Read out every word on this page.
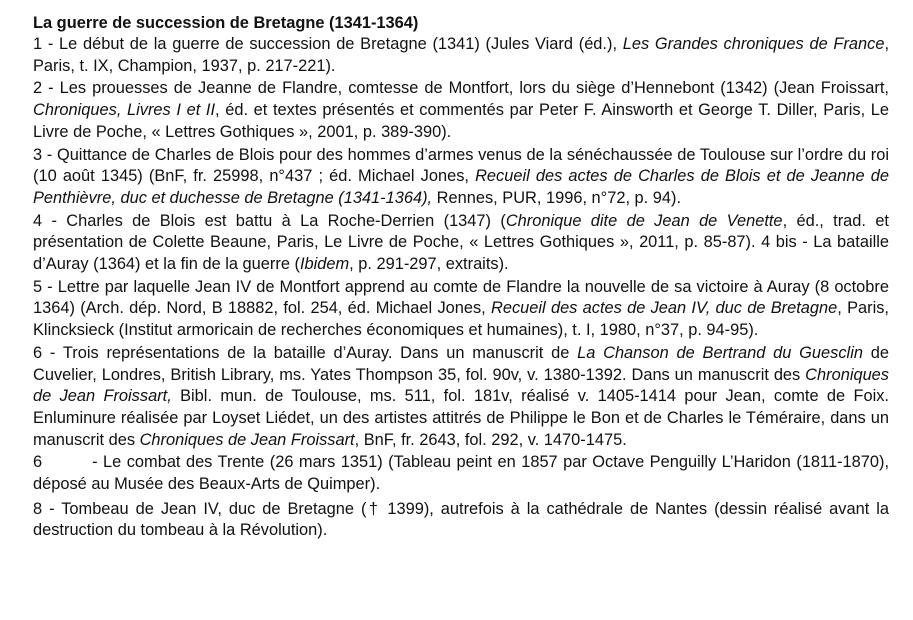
La guerre de succession de Bretagne (1341-1364)

1 - Le début de la guerre de succession de Bretagne (1341) (Jules Viard (éd.), Les Grandes chroniques de France, Paris, t. IX, Champion, 1937, p. 217-221).

2 - Les prouesses de Jeanne de Flandre, comtesse de Montfort, lors du siège d’Hennebont (1342) (Jean Froissart, Chroniques, Livres I et II, éd. et textes présentés et commentés par Peter F. Ainsworth et George T. Diller, Paris, Le Livre de Poche, « Lettres Gothiques », 2001, p. 389-390).

3 - Quittance de Charles de Blois pour des hommes d’armes venus de la sénéchaussée de Toulouse sur l’ordre du roi (10 août 1345) (BnF, fr. 25998, n°437 ; éd. Michael Jones, Recueil des actes de Charles de Blois et de Jeanne de Penthièvre, duc et duchesse de Bretagne (1341-1364), Rennes, PUR, 1996, n°72, p. 94).

4 - Charles de Blois est battu à La Roche-Derrien (1347) (Chronique dite de Jean de Venette, éd., trad. et présentation de Colette Beaune, Paris, Le Livre de Poche, « Lettres Gothiques », 2011, p. 85-87). 4 bis - La bataille d’Auray (1364) et la fin de la guerre (Ibidem, p. 291-297, extraits).

5 - Lettre par laquelle Jean IV de Montfort apprend au comte de Flandre la nouvelle de sa victoire à Auray (8 octobre 1364) (Arch. dép. Nord, B 18882, fol. 254, éd. Michael Jones, Recueil des actes de Jean IV, duc de Bretagne, Paris, Klincksieck (Institut armoricain de recherches économiques et humaines), t. I, 1980, n°37, p. 94-95).

6 - Trois représentations de la bataille d’Auray. Dans un manuscrit de La Chanson de Bertrand du Guesclin de Cuvelier, Londres, British Library, ms. Yates Thompson 35, fol. 90v, v. 1380-1392. Dans un manuscrit des Chroniques de Jean Froissart, Bibl. mun. de Toulouse, ms. 511, fol. 181v, réalisé v. 1405-1414 pour Jean, comte de Foix. Enluminure réalisée par Loyset Liédet, un des artistes attitrés de Philippe le Bon et de Charles le Téméraire, dans un manuscrit des Chroniques de Jean Froissart, BnF, fr. 2643, fol. 292, v. 1470-1475.

6	- Le combat des Trente (26 mars 1351) (Tableau peint en 1857 par Octave Penguilly L’Haridon (1811-1870), déposé au Musée des Beaux-Arts de Quimper).

8 - Tombeau de Jean IV, duc de Bretagne († 1399), autrefois à la cathédrale de Nantes (dessin réalisé avant la destruction du tombeau à la Révolution).
